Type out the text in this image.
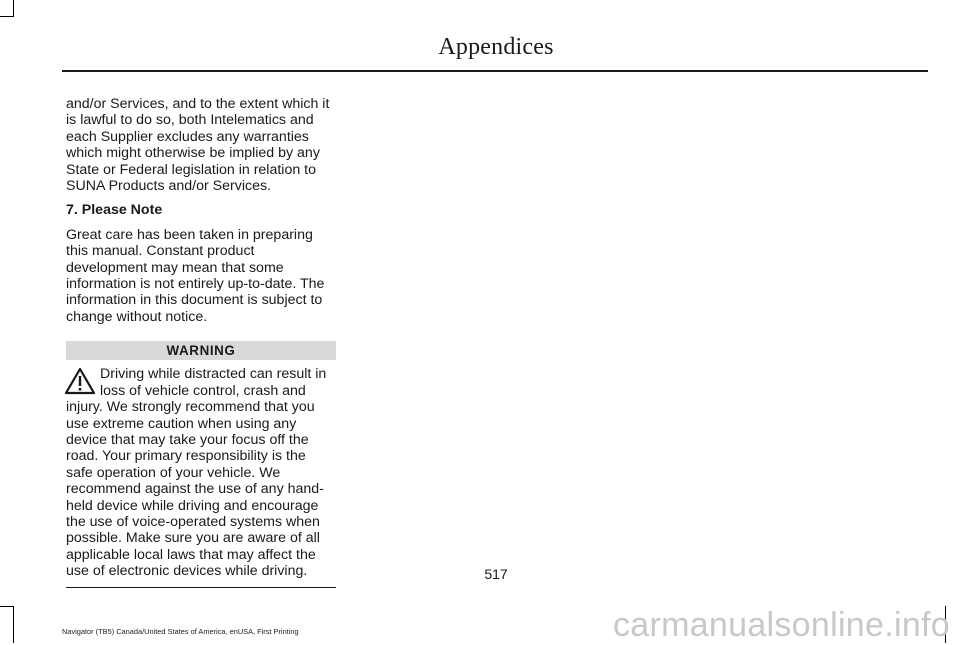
Appendices

and/or Services, and to the extent which it is lawful to do so, both Intelematics and each Supplier excludes any warranties which might otherwise be implied by any State or Federal legislation in relation to SUNA Products and/or Services.

7. Please Note

Great care has been taken in preparing this manual. Constant product development may mean that some information is not entirely up-to-date. The information in this document is subject to change without notice.

WARNING
Driving while distracted can result in loss of vehicle control, crash and injury. We strongly recommend that you use extreme caution when using any device that may take your focus off the road. Your primary responsibility is the safe operation of your vehicle. We recommend against the use of any hand-held device while driving and encourage the use of voice-operated systems when possible. Make sure you are aware of all applicable local laws that may affect the use of electronic devices while driving.	517
Navigator (TB5) Canada/United States of America, enUSA, First Printing	carmanualsonline.info
